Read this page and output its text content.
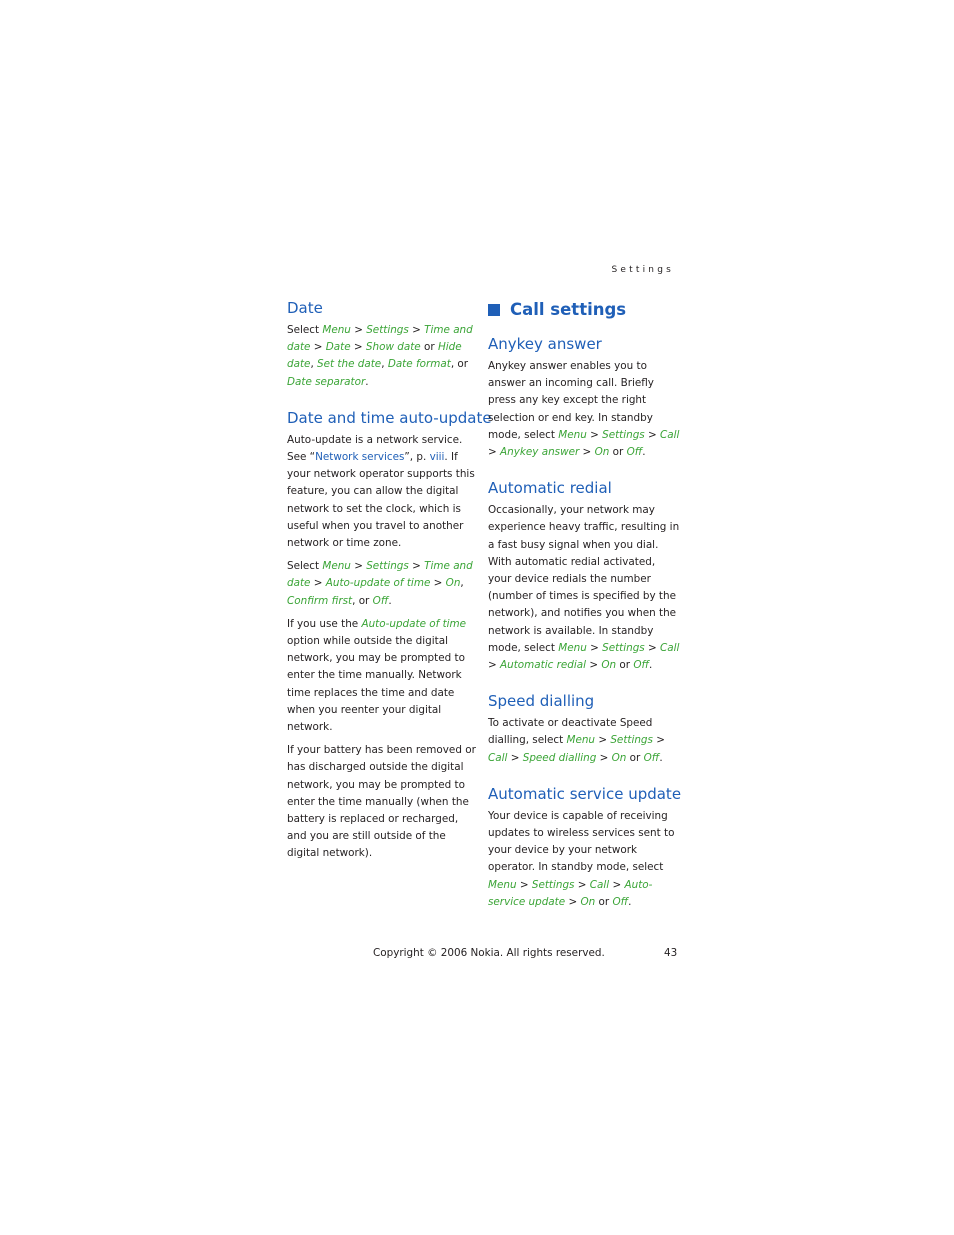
Settings
Date

Select Menu > Settings > Time and date > Date > Show date or Hide date, Set the date, Date format, or Date separator.

Date and time auto-update

Auto-update is a network service. See “Network services”, p. viii. If your network operator supports this feature, you can allow the digital network to set the clock, which is useful when you travel to another network or time zone.

Select Menu > Settings > Time and date > Auto-update of time > On, Confirm first, or Off.

If you use the Auto-update of time option while outside the digital network, you may be prompted to enter the time manually. Network time replaces the time and date when you reenter your digital network.

If your battery has been removed or has discharged outside the digital network, you may be prompted to enter the time manually (when the battery is replaced or recharged, and you are still outside of the digital network).

Call settings
Anykey answer

Anykey answer enables you to answer an incoming call. Briefly press any key except the right selection or end key. In standby mode, select Menu > Settings > Call > Anykey answer > On or Off.

Automatic redial

Occasionally, your network may experience heavy traffic, resulting in a fast busy signal when you dial. With automatic redial activated, your device redials the number (number of times is specified by the network), and notifies you when the network is available. In standby mode, select Menu > Settings > Call > Automatic redial > On or Off.

Speed dialling

To activate or deactivate Speed dialling, select Menu > Settings > Call > Speed dialling > On or Off.

Automatic service update

Your device is capable of receiving updates to wireless services sent to your device by your network operator. In standby mode, select Menu > Settings > Call > Auto-service update > On or Off.

Copyright © 2006 Nokia. All rights reserved.	43
